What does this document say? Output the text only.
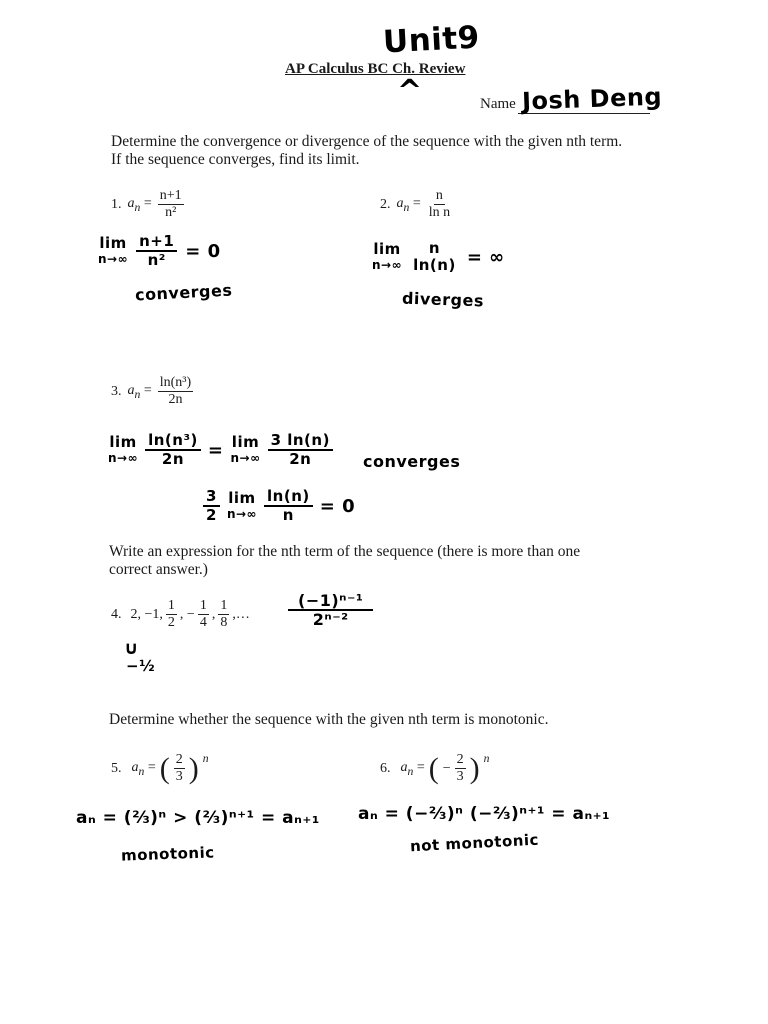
Unit9
AP Calculus BC Ch. Review
^	Name Josh Deng
Determine the convergence or divergence of the sequence with the given nth term.
If the sequence converges, find its limit.
1. $a_n = \frac{n+1}{\text{n²}}$
lim
$n\to\infty \frac{n+1}{\text{n²}} = 0$
converges
2. $a_n = \frac{n}{\text{ln n}}$
lim
n→∞
n
ln(n) = ∞
diverges
3. $a_n = \frac{\text{ln(n³)}}{2n}$
lim
$n\to\infty \frac{\text{ln(n³)}}{2n} = \lim$
$n\to\infty \frac{3 \ln(n)}{2n}$ converges
$\frac{3}{2}$ lim
$n\to\infty \frac{\ln(n)}{n} = 0$
Write an expression for the nth term of the sequence (there is more than one
correct answer.)
4. 2, −1, $\frac{1}{2}$ , − $\frac{1}{4}$ , $\frac{1}{8}$ ,… $\frac{\text{(−1)ⁿ⁻¹}}{\text{2ⁿ⁻²}}$
∪
−½
Determine whether the sequence with the given nth term is monotonic.
5. $a_n$ = ( $\frac{2}{3}$ ) $^n$
aₙ = (⅔)ⁿ > (⅔)ⁿ⁺¹ = aₙ₊₁
monotonic
6. $a_n$ = ( − $\frac{2}{3}$ ) $^n$
aₙ = (−⅔)ⁿ (−⅔)ⁿ⁺¹ = aₙ₊₁
not monotonic
